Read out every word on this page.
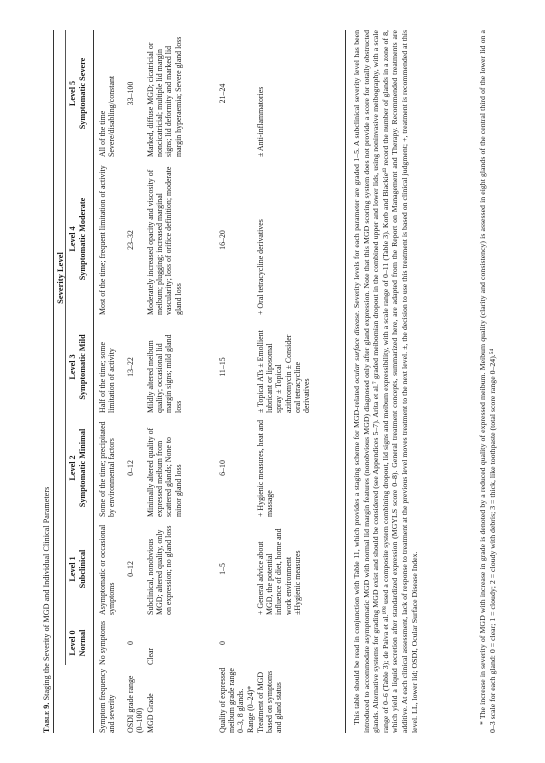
Table 9. Staging the Severity of MGD and Individual Clinical Parameters
Severity Level
Level 0 Normal
Level 1 Subclinical
Level 2 Symptomatic Minimal
Level 3 Symptomatic Mild
Level 4 Symptomatic Moderate
Level 5 Symptomatic Severe
Symptom frequency and severity
No symptoms
Asymptomatic or occasional symptoms
Some of the time; precipitated by environmental factors
Half of the time; some limitation of activity
Most of the time; frequent limitation of activity
All of the time Severe/disabling/constant
OSDI grade range (0–100)
0
0–12
0–12
13–22
23–32
33–100
MGD Grade
Clear
Subclinical, nonobvious MGD; altered quality, only on expression; no gland loss
Minimally altered quality of expressed meibum from scattered glands; None to minor gland loss
Mildly altered meibum quality; occasional lid margin signs; mild gland loss
Moderately increased opacity and viscosity of meibum; plugging; increased marginal vascularity; loss of orifice definition; moderate gland loss
Marked, diffuse MGD; cicatricial or noncicatricial; multiple lid margin signs; lid deformity and marked lid margin hyperaemia; Severe gland loss
Quality of expressed meibum grade range 0–3, 8 glands. Range (0–24)*
0
1–5
6–10
11–15
16–20
21–24
Treatment of MGD based on symptoms and gland status
+ General advice about MGD, the potential influence of diet, home and work environment ±Hygienic measures
+ Hygienic measures, heat and massage
± Topical ATs ± Emollient lubricant or liposomal spray ± Topical azithromycin ± Consider oral tetracycline derivatives
+ Oral tetracycline derivatives
± Anti-inflammatories
This table should be read in conjunction with Table 11, which provides a staging scheme for MGD-related ocular surface disease. Severity levels for each parameter are graded 1–5. A subclinical severity level has been introduced to accommodate asymptomatic MGD with normal lid margin features (nonobvious MGD) diagnosed only after gland expression. Note that this MGD scoring system does not provide a score for totally obstructed glands. Alternative systems for grading MGD exist and should be considered (see Appendices 5–7). Arita et al.⁷ graded meibomian dropout in the combined upper and lower lids, using noninvasive meibography, with a scale range of 0–6 (Table 3); de Paiva et al.¹⁰⁸ used a composite system combining dropout, lid signs and meibum expressibility, with a scale range of 0–11 (Table 3). Korb and Blackie⁴³ record the number of glands in a zone of 8, which yield a liquid secretion after standardized expression (MGYLS score 0–8). General treatment concepts, summarized here, are adapted from the Report on Management and Therapy. Recommended treatments are additive. At each clinical assessment, lack of response to treatment at the previous level moves treatment to the next level. ±, the decision to use this treatment is based on clinical judgment; +, treatment is recommended at this level. LL, lower lid; OSDI, Ocular Surface Disease Index.	* The increase in severity of MGD with increase in grade is denoted by a reduced quality of expressed meibum. Meibum quality (clarity and consistency) is assessed in eight glands of the central third of the lower lid on a 0–3 scale for each gland: 0 = clear; 1 = cloudy; 2 = cloudy with debris; 3 = thick, like toothpaste (total score range 0–24).⁵⁴
